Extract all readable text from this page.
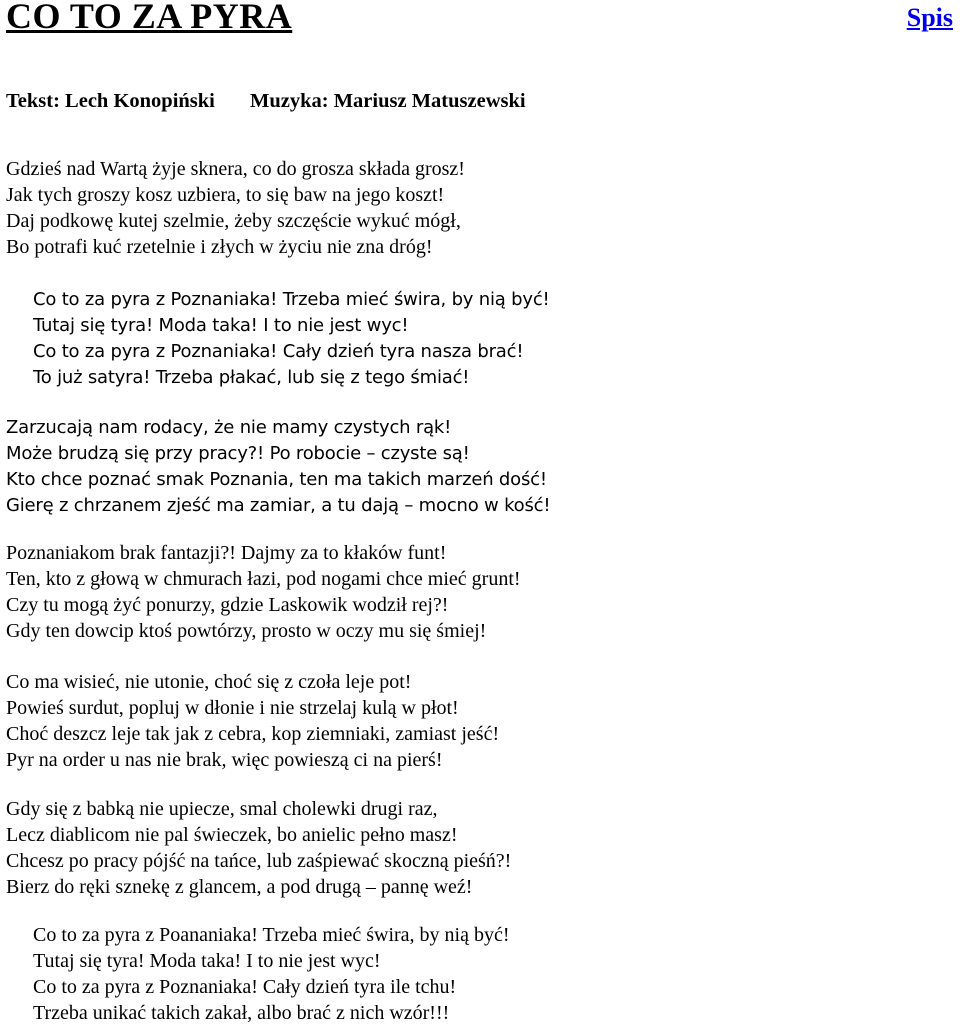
CO TO ZA PYRA	Spis
Tekst: Lech Konopiński Muzyka: Mariusz Matuszewski
Gdzieś nad Wartą żyje sknera, co do grosza składa grosz!
Jak tych groszy kosz uzbiera, to się baw na jego koszt!
Daj podkowę kutej szelmie, żeby szczęście wykuć mógł,
Bo potrafi kuć rzetelnie i złych w życiu nie zna dróg!
Co to za pyra z Poznaniaka! Trzeba mieć świra, by nią być!
Tutaj się tyra! Moda taka! I to nie jest wyc!
Co to za pyra z Poznaniaka! Cały dzień tyra nasza brać!
To już satyra! Trzeba płakać, lub się z tego śmiać!
Zarzucają nam rodacy, że nie mamy czystych rąk!
Może brudzą się przy pracy?! Po robocie – czyste są!
Kto chce poznać smak Poznania, ten ma takich marzeń dość!
Gierę z chrzanem zjeść ma zamiar, a tu dają – mocno w kość!
Poznaniakom brak fantazji?! Dajmy za to kłaków funt!
Ten, kto z głową w chmurach łazi, pod nogami chce mieć grunt!
Czy tu mogą żyć ponurzy, gdzie Laskowik wodził rej?!
Gdy ten dowcip ktoś powtórzy, prosto w oczy mu się śmiej!
Co ma wisieć, nie utonie, choć się z czoła leje pot!
Powieś surdut, popluj w dłonie i nie strzelaj kulą w płot!
Choć deszcz leje tak jak z cebra, kop ziemniaki, zamiast jeść!
Pyr na order u nas nie brak, więc powieszą ci na pierś!
Gdy się z babką nie upiecze, smal cholewki drugi raz,
Lecz diablicom nie pal świeczek, bo anielic pełno masz!
Chcesz po pracy pójść na tańce, lub zaśpiewać skoczną pieśń?!
Bierz do ręki sznekę z glancem, a pod drugą – pannę weź!
Co to za pyra z Poananiaka! Trzeba mieć świra, by nią być!
Tutaj się tyra! Moda taka! I to nie jest wyc!
Co to za pyra z Poznaniaka! Cały dzień tyra ile tchu!
Trzeba unikać takich zakał, albo brać z nich wzór!!!
